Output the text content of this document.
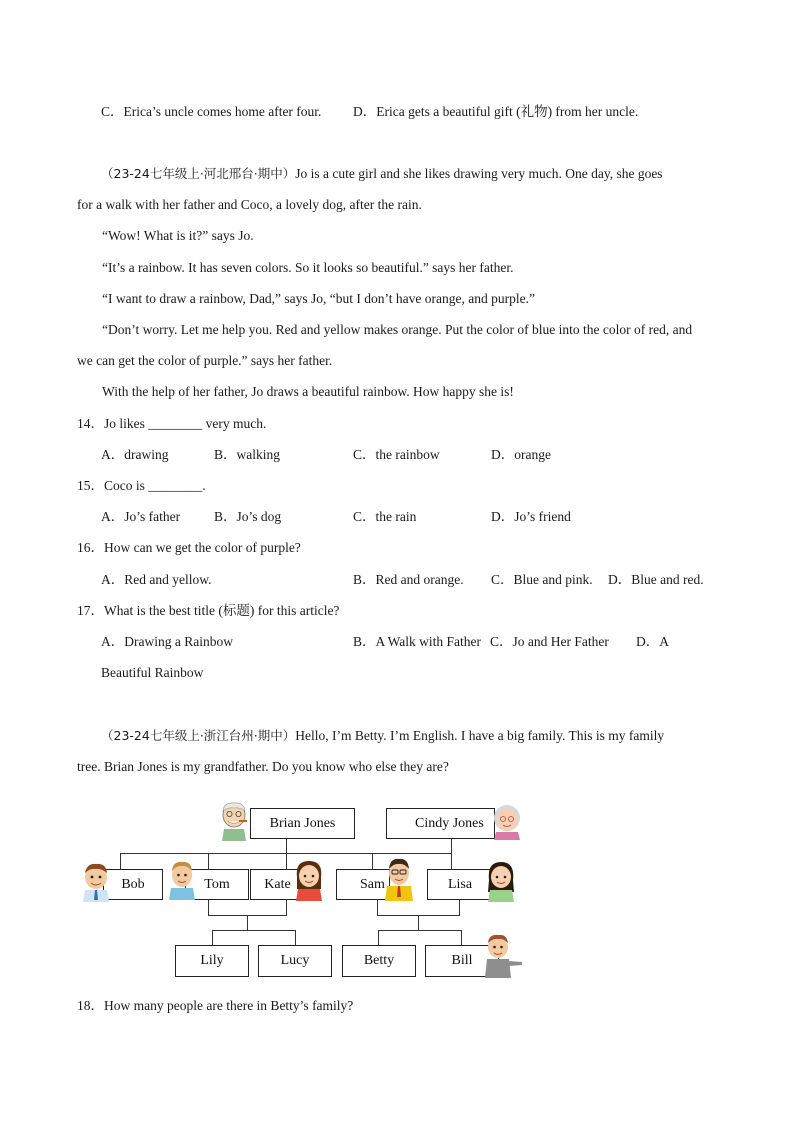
C．Erica’s uncle comes home after four. D．Erica gets a beautiful gift (礼物) from her uncle.
（23-24七年级上·河北邢台·期中）Jo is a cute girl and she likes drawing very much. One day, she goes
for a walk with her father and Coco, a lovely dog, after the rain.
“Wow! What is it?” says Jo.
“It’s a rainbow. It has seven colors. So it looks so beautiful.” says her father.
“I want to draw a rainbow, Dad,” says Jo, “but I don’t have orange, and purple.”
“Don’t worry. Let me help you. Red and yellow makes orange. Put the color of blue into the color of red, and
we can get the color of purple.” says her father.
With the help of her father, Jo draws a beautiful rainbow. How happy she is!
14．Jo likes ________ very much.
A．drawing	B．walking	C．the rainbow	D．orange
15．Coco is ________.
A．Jo’s father	B．Jo’s dog	C．the rain	D．Jo’s friend
16．How can we get the color of purple?
A．Red and yellow.	B．Red and orange. C．Blue and pink. D．Blue and red.
17．What is the best title (标题) for this article?
A．Drawing a Rainbow	B．A Walk with Father C．Jo and Her Father D．A
Beautiful Rainbow
（23-24七年级上·浙江台州·期中）Hello, I’m Betty. I’m English. I have a big family. This is my family
tree. Brian Jones is my grandfather. Do you know who else they are?
Brian Jones	Cindy Jones
Bob	Tom	Kate	Sam	Lisa
Lily	Lucy	Betty	Bill
18．How many people are there in Betty’s family?
